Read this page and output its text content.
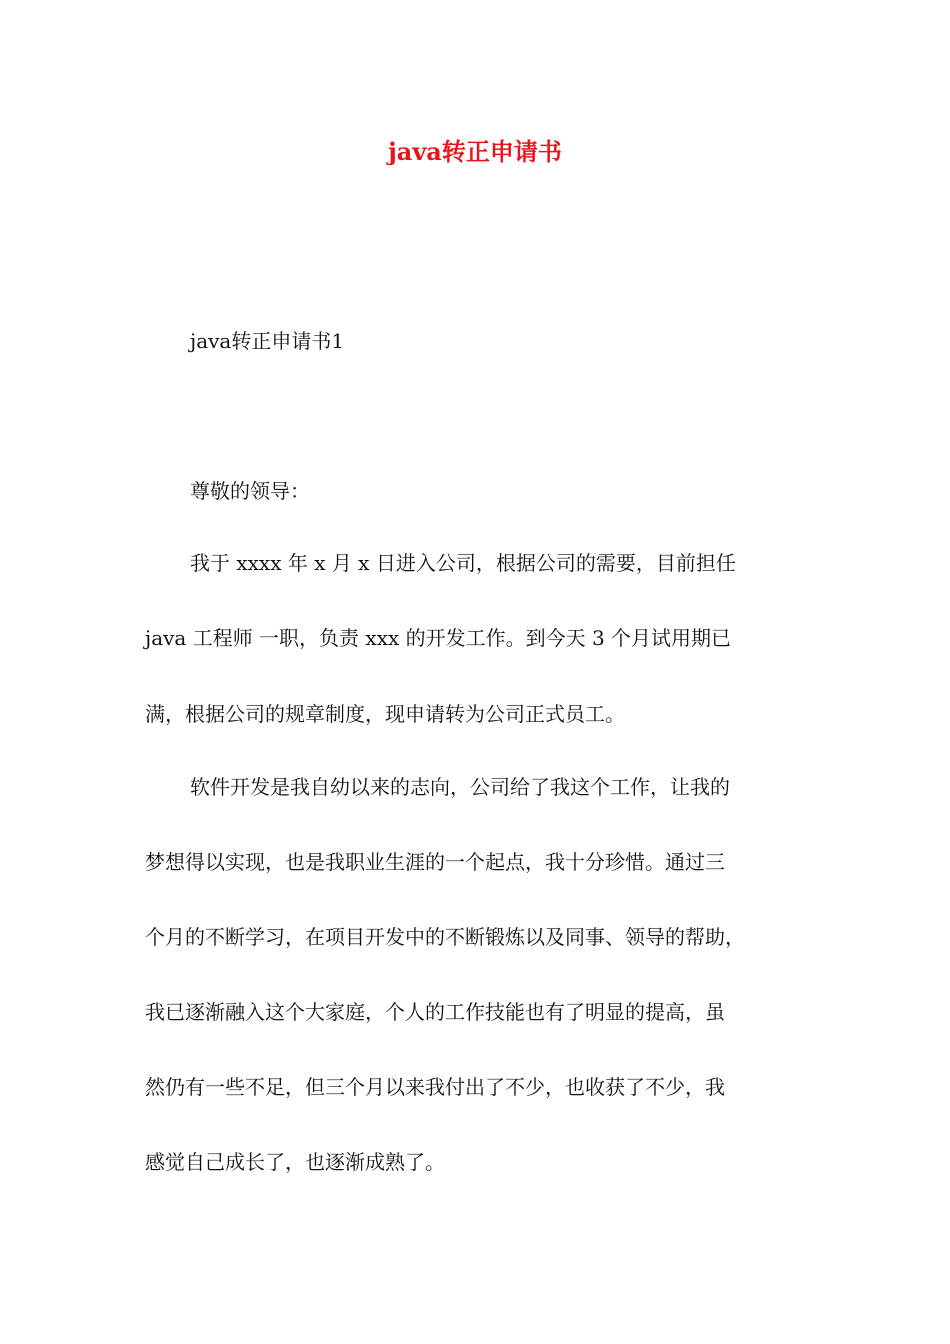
java转正申请书
java转正申请书1
尊敬的领导：
我于 xxxx 年 x 月 x 日进入公司，根据公司的需要，目前担任
java 工程师 一职，负责 xxx 的开发工作。到今天 3 个月试用期已
满，根据公司的规章制度，现申请转为公司正式员工。
软件开发是我自幼以来的志向，公司给了我这个工作，让我的
梦想得以实现，也是我职业生涯的一个起点，我十分珍惜。通过三
个月的不断学习，在项目开发中的不断锻炼以及同事、领导的帮助，
我已逐渐融入这个大家庭，个人的工作技能也有了明显的提高，虽
然仍有一些不足，但三个月以来我付出了不少，也收获了不少，我
感觉自己成长了，也逐渐成熟了。
